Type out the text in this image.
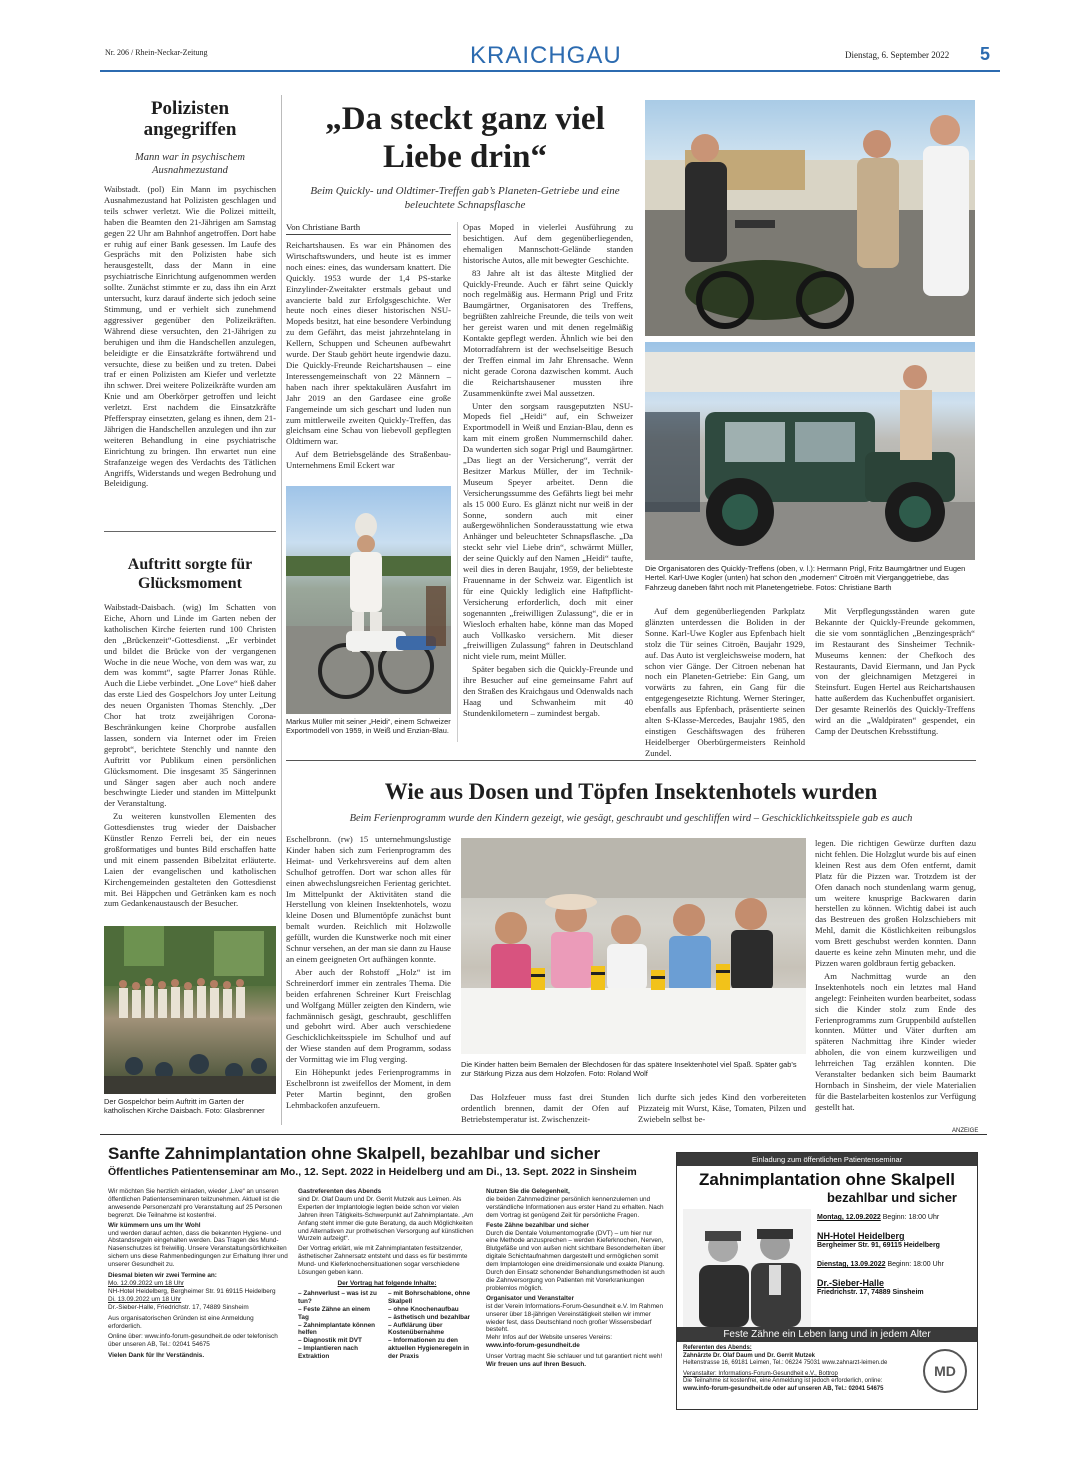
Nr. 206 / Rhein-Neckar-Zeitung	KRAICHGAU	Dienstag, 6. September 2022 5
Polizisten angegriffen
Mann war in psychischem Ausnahmezustand

Waibstadt. (pol) Ein Mann im psychischen Ausnahmezustand hat Polizisten geschlagen und teils schwer verletzt. Wie die Polizei mitteilt, haben die Beamten den 21-Jährigen am Samstag gegen 22 Uhr am Bahnhof angetroffen. Dort habe er ruhig auf einer Bank gesessen. Im Laufe des Gesprächs mit den Polizisten habe sich herausgestellt, dass der Mann in eine psychiatrische Einrichtung aufgenommen werden sollte. Zunächst stimmte er zu, dass ihn ein Arzt untersucht, kurz darauf änderte sich jedoch seine Stimmung, und er verhielt sich zunehmend aggressiver gegenüber den Polizeikräften. Während diese versuchten, den 21-Jährigen zu beruhigen und ihm die Handschellen anzulegen, beleidigte er die Einsatzkräfte fortwährend und versuchte, diese zu beißen und zu treten. Dabei traf er einen Polizisten am Kiefer und verletzte ihn schwer. Drei weitere Polizeikräfte wurden am Knie und am Oberkörper getroffen und leicht verletzt. Erst nachdem die Einsatzkräfte Pfefferspray einsetzten, gelang es ihnen, dem 21-Jährigen die Handschellen anzulegen und ihn zur weiteren Behandlung in eine psychiatrische Einrichtung zu bringen. Ihn erwartet nun eine Strafanzeige wegen des Verdachts des Tätlichen Angriffs, Widerstands und wegen Bedrohung und Beleidigung.

Auftritt sorgte für Glücksmoment

Waibstadt-Daisbach. (wig) Im Schatten von Eiche, Ahorn und Linde im Garten neben der katholischen Kirche feierten rund 100 Christen den „Brückenzeit“-Gottesdienst. „Er verbindet und bildet die Brücke von der vergangenen Woche in die neue Woche, von dem was war, zu dem was kommt“, sagte Pfarrer Jonas Rühle. Auch die Liebe verbindet. „One Love“ hieß daher das erste Lied des Gospelchors Joy unter Leitung des neuen Organisten Thomas Stenchly. „Der Chor hat trotz zweijährigen Corona-Beschränkungen keine Chorprobe ausfallen lassen, sondern via Internet oder im Freien geprobt“, berichtete Stenchly und nannte den Auftritt vor Publikum einen persönlichen Glücksmoment. Die insgesamt 35 Sängerinnen und Sänger sagen aber auch noch andere beschwingte Lieder und standen im Mittelpunkt der Veranstaltung.

Zu weiteren kunstvollen Elementen des Gottesdienstes trug wieder der Daisbacher Künstler Renzo Ferreli bei, der ein neues großformatiges und buntes Bild erschaffen hatte und mit einem passenden Bibelzitat erläuterte. Laien der evangelischen und katholischen Kirchengemeinden gestalteten den Gottesdienst mit. Bei Häppchen und Getränken kam es noch zum Gedankenaustausch der Besucher.

Der Gospelchor beim Auftritt im Garten der katholischen Kirche Daisbach. Foto: Glasbrenner
„Da steckt ganz viel Liebe drin“
Beim Quickly- und Oldtimer-Treffen gab’s Planeten-Getriebe und eine beleuchtete Schnapsflasche
Von Christiane Barth

Reichartshausen. Es war ein Phänomen des Wirtschaftswunders, und heute ist es immer noch eines: eines, das wundersam knattert. Die Quickly. 1953 wurde der 1,4 PS-starke Einzylinder-Zweitakter erstmals gebaut und avancierte bald zur Erfolgsgeschichte. Wer heute noch eines dieser historischen NSU-Mopeds besitzt, hat eine besondere Verbindung zu dem Gefährt, das meist jahrzehntelang in Kellern, Schuppen und Scheunen aufbewahrt wurde. Der Staub gehört heute irgendwie dazu. Die Quickly-Freunde Reichartshausen – eine Interessengemeinschaft von 22 Männern – haben nach ihrer spektakulären Ausfahrt im Jahr 2019 an den Gardasee eine große Fangemeinde um sich geschart und luden nun zum mittlerweile zweiten Quickly-Treffen, das gleichsam eine Schau von liebevoll gepflegten Oldtimern war.

Auf dem Betriebsgelände des Straßenbau-Unternehmens Emil Eckert war

Markus Müller mit seiner „Heidi“, einem Schweizer Exportmodell von 1959, in Weiß und Enzian-Blau.

Opas Moped in vielerlei Ausführung zu besichtigen. Auf dem gegenüberliegenden, ehemaligen Mannschott-Gelände standen historische Autos, alle mit bewegter Geschichte.

83 Jahre alt ist das älteste Mitglied der Quickly-Freunde. Auch er fährt seine Quickly noch regelmäßig aus. Hermann Prigl und Fritz Baumgärtner, Organisatoren des Treffens, begrüßten zahlreiche Freunde, die teils von weit her gereist waren und mit denen regelmäßig Kontakte gepflegt werden. Ähnlich wie bei den Motorradfahrern ist der wechselseitige Besuch der Treffen einmal im Jahr Ehrensache. Wenn nicht gerade Corona dazwischen kommt. Auch die Reichartshausener mussten ihre Zusammenkünfte zwei Mal aussetzen.

Unter den sorgsam rausgeputzten NSU-Mopeds fiel „Heidi“ auf, ein Schweizer Exportmodell in Weiß und Enzian-Blau, denn es kam mit einem großen Nummernschild daher. Da wunderten sich sogar Prigl und Baumgärtner. „Das liegt an der Versicherung“, verrät der Besitzer Markus Müller, der im Technik-Museum Speyer arbeitet. Denn die Versicherungssumme des Gefährts liegt bei mehr als 15 000 Euro. Es glänzt nicht nur weiß in der Sonne, sondern auch mit einer außergewöhnlichen Sonderausstattung wie etwa Anhänger und beleuchteter Schnapsflasche. „Da steckt sehr viel Liebe drin“, schwärmt Müller, der seine Quickly auf den Namen „Heidi“ taufte, weil dies in deren Baujahr, 1959, der beliebteste Frauenname in der Schweiz war. Eigentlich ist für eine Quickly lediglich eine Haftpflicht-Versicherung erforderlich, doch mit einer sogenannten „freiwilligen Zulassung“, die er in Wiesloch erhalten habe, könne man das Moped auch Vollkasko versichern. Mit dieser „freiwilligen Zulassung“ fahren in Deutschland nicht viele rum, meint Müller.

Später begaben sich die Quickly-Freunde und ihre Besucher auf eine gemeinsame Fahrt auf den Straßen des Kraichgaus und Odenwalds nach Haag und Schwanheim mit 40 Stundenkilometern – zumindest bergab.

Die Organisatoren des Quickly-Treffens (oben, v. l.): Hermann Prigl, Fritz Baumgärtner und Eugen Hertel. Karl-Uwe Kogler (unten) hat schon den „modernen“ Citroën mit Vierganggetriebe, das Fahrzeug daneben fährt noch mit Planetengetriebe. Fotos: Christiane Barth

Auf dem gegenüberliegenden Parkplatz glänzten unterdessen die Boliden in der Sonne. Karl-Uwe Kogler aus Epfenbach hielt stolz die Tür seines Citroën, Baujahr 1929, auf. Das Auto ist vergleichsweise modern, hat schon vier Gänge. Der Citroen nebenan hat noch ein Planeten-Getriebe: Ein Gang, um vorwärts zu fahren, ein Gang für die entgegengesetzte Richtung. Werner Steringer, ebenfalls aus Epfenbach, präsentierte seinen alten S-Klasse-Mercedes, Baujahr 1985, den einstigen Geschäftswagen des früheren Heidelberger Oberbürgermeisters Reinhold Zundel.

Mit Verpflegungsständen waren gute Bekannte der Quickly-Freunde gekommen, die sie vom sonntäglichen „Benzingespräch“ im Restaurant des Sinsheimer Technik-Museums kennen: der Chefkoch des Restaurants, David Eiermann, und Jan Pyck von der gleichnamigen Metzgerei in Steinsfurt. Eugen Hertel aus Reichartshausen hatte außerdem das Kuchenbuffet organisiert. Der gesamte Reinerlös des Quickly-Treffens wird an die „Waldpiraten“ gespendet, ein Camp der Deutschen Krebsstiftung.

Wie aus Dosen und Töpfen Insektenhotels wurden
Beim Ferienprogramm wurde den Kindern gezeigt, wie gesägt, geschraubt und geschliffen wird – Geschicklichkeitsspiele gab es auch

Eschelbronn. (rw) 15 unternehmungslustige Kinder haben sich zum Ferienprogramm des Heimat- und Verkehrsvereins auf dem alten Schulhof getroffen. Dort war schon alles für einen abwechslungsreichen Ferientag gerichtet. Im Mittelpunkt der Aktivitäten stand die Herstellung von kleinen Insektenhotels, wozu kleine Dosen und Blumentöpfe zunächst bunt bemalt wurden. Reichlich mit Holzwolle gefüllt, wurden die Kunstwerke noch mit einer Schnur versehen, an der man sie dann zu Hause an einem geeigneten Ort aufhängen konnte.

Aber auch der Rohstoff „Holz“ ist im Schreinerdorf immer ein zentrales Thema. Die beiden erfahrenen Schreiner Kurt Freischlag und Wolfgang Müller zeigten den Kindern, wie fachmännisch gesägt, geschraubt, geschliffen und gebohrt wird. Aber auch verschiedene Geschicklichkeitsspiele im Schulhof und auf der Wiese standen auf dem Programm, sodass der Vormittag wie im Flug verging.

Ein Höhepunkt jedes Ferienprogramms in Eschelbronn ist zweifellos der Moment, in dem Peter Martin beginnt, den großen Lehmbackofen anzufeuern.

Die Kinder hatten beim Bemalen der Blechdosen für das spätere Insektenhotel viel Spaß. Später gab’s zur Stärkung Pizza aus dem Holzofen. Foto: Roland Wolf

Das Holzfeuer muss fast drei Stunden ordentlich brennen, damit der Ofen auf Betriebstemperatur ist. Zwischenzeit-

lich durfte sich jedes Kind den vorbereiteten Pizzateig mit Wurst, Käse, Tomaten, Pilzen und Zwiebeln selbst be-

legen. Die richtigen Gewürze durften dazu nicht fehlen. Die Holzglut wurde bis auf einen kleinen Rest aus dem Ofen entfernt, damit Platz für die Pizzen war. Trotzdem ist der Ofen danach noch stundenlang warm genug, um weitere knusprige Backwaren darin herstellen zu können. Wichtig dabei ist auch das Bestreuen des großen Holzschiebers mit Mehl, damit die Köstlichkeiten reibungslos vom Brett geschubst werden konnten. Dann dauerte es keine zehn Minuten mehr, und die Pizzen waren goldbraun fertig gebacken.

Am Nachmittag wurde an den Insektenhotels noch ein letztes mal Hand angelegt: Feinheiten wurden bearbeitet, sodass sich die Kinder stolz zum Ende des Ferienprogramms zum Gruppenbild aufstellen konnten. Mütter und Väter durften am späteren Nachmittag ihre Kinder wieder abholen, die von einem kurzweiligen und lehrreichen Tag erzählen konnten. Die Veranstalter bedanken sich beim Baumarkt Hornbach in Sinsheim, der viele Materialien für die Bastelarbeiten kostenlos zur Verfügung gestellt hat.

ANZEIGE
Sanfte Zahnimplantation ohne Skalpell, bezahlbar und sicher
Öffentliches Patientenseminar am Mo., 12. Sept. 2022 in Heidelberg und am Di., 13. Sept. 2022 in Sinsheim
Wir möchten Sie herzlich einladen, wieder „Live“ an unseren öffentlichen Patientenseminaren teilzunehmen. Aktuell ist die anwesende Personenzahl pro Veranstaltung auf 25 Personen begrenzt. Die Teilnahme ist kostenfrei.
Wir kümmern uns um Ihr Wohl
und werden darauf achten, dass die bekannten Hygiene- und Abstandsregeln eingehalten werden. Das Tragen des Mund-Nasenschutzes ist freiwillig. Unsere Veranstaltungsörtlichkeiten sichern uns diese Rahmenbedingungen zur Erhaltung Ihrer und unserer Gesundheit zu.
Diesmal bieten wir zwei Termine an:
Mo. 12.09.2022 um 18 Uhr
NH-Hotel Heidelberg, Bergheimer Str. 91 69115 Heidelberg
Di. 13.09.2022 um 18 Uhr
Dr.-Sieber-Halle, Friedrichstr. 17, 74889 Sinsheim
Aus organisatorischen Gründen ist eine Anmeldung erforderlich.
Online über: www.info-forum-gesundheit.de oder telefonisch über unseren AB, Tel.: 02041 54675
Vielen Dank für Ihr Verständnis.
Gastreferenten des Abends
sind Dr. Olaf Daum und Dr. Gerrit Mutzek aus Leimen. Als Experten der Implantologie legten beide schon vor vielen Jahren ihren Tätigkeits-Schwerpunkt auf Zahnimplantate. „Am Anfang steht immer die gute Beratung, da auch Möglichkeiten und Alternativen zur prothetischen Versorgung auf künstlichen Wurzeln aufzeigt“.
Der Vortrag erklärt, wie mit Zahnimplantaten festsitzender, ästhetischer Zahnersatz entsteht und dass es für bestimmte Mund- und Kieferknochensituationen sogar verschiedene Lösungen geben kann.
Der Vortrag hat folgende Inhalte:
– Zahnverlust – was ist zu tun?
– Feste Zähne an einem Tag
– Zahnimplantate können helfen
– Diagnostik mit DVT
– Implantieren nach Extraktion
– mit Bohrschablone, ohne Skalpell
– ohne Knochenaufbau
– ästhetisch und bezahlbar
– Aufklärung über Kostenübernahme
– Informationen zu den aktuellen Hygieneregeln in der Praxis
Nutzen Sie die Gelegenheit,
die beiden Zahnmediziner persönlich kennenzulernen und verständliche Informationen aus erster Hand zu erhalten. Nach dem Vortrag ist genügend Zeit für persönliche Fragen.
Feste Zähne bezahlbar und sicher
Durch die Dentale Volumentomografie (DVT) – um hier nur eine Methode anzusprechen – werden Kieferknochen, Nerven, Blutgefäße und von außen nicht sichtbare Besonderheiten über digitale Schichtaufnahmen dargestellt und ermöglichen somit dem Implantologen eine dreidimensionale und exakte Planung. Durch den Einsatz schonender Behandlungsmethoden ist auch die Zahnversorgung von Patienten mit Vorerkrankungen problemlos möglich.
Organisator und Veranstalter
ist der Verein Informations-Forum-Gesundheit e.V. Im Rahmen unserer über 18-jährigen Vereinstätigkeit stellen wir immer wieder fest, dass Deutschland noch großer Wissensbedarf besteht.
Mehr Infos auf der Website unseres Vereins:
www.info-forum-gesundheit.de
Unser Vortrag macht Sie schlauer und tut garantiert nicht weh!
Wir freuen uns auf Ihren Besuch.
Einladung zum öffentlichen Patientenseminar
Zahnimplantation ohne Skalpell
bezahlbar und sicher
Montag, 12.09.2022 Beginn: 18:00 Uhr
NH-Hotel Heidelberg
Bergheimer Str. 91, 69115 Heidelberg
Dienstag, 13.09.2022 Beginn: 18:00 Uhr
Dr.-Sieber-Halle
Friedrichstr. 17, 74889 Sinsheim
Feste Zähne ein Leben lang und in jedem Alter
Referenten des Abends:
Zahnärzte Dr. Olaf Daum und Dr. Gerrit Mutzek
Heltenstrasse 16, 69181 Leimen, Tel.: 06224 75031 www.zahnarzt-leimen.de
Veranstalter: Informations-Forum-Gesundheit e.V., Bottrop
Die Teilnahme ist kostenfrei, eine Anmeldung ist jedoch erforderlich, online:
www.info-forum-gesundheit.de oder auf unseren AB, Tel.: 02041 54675
MD
